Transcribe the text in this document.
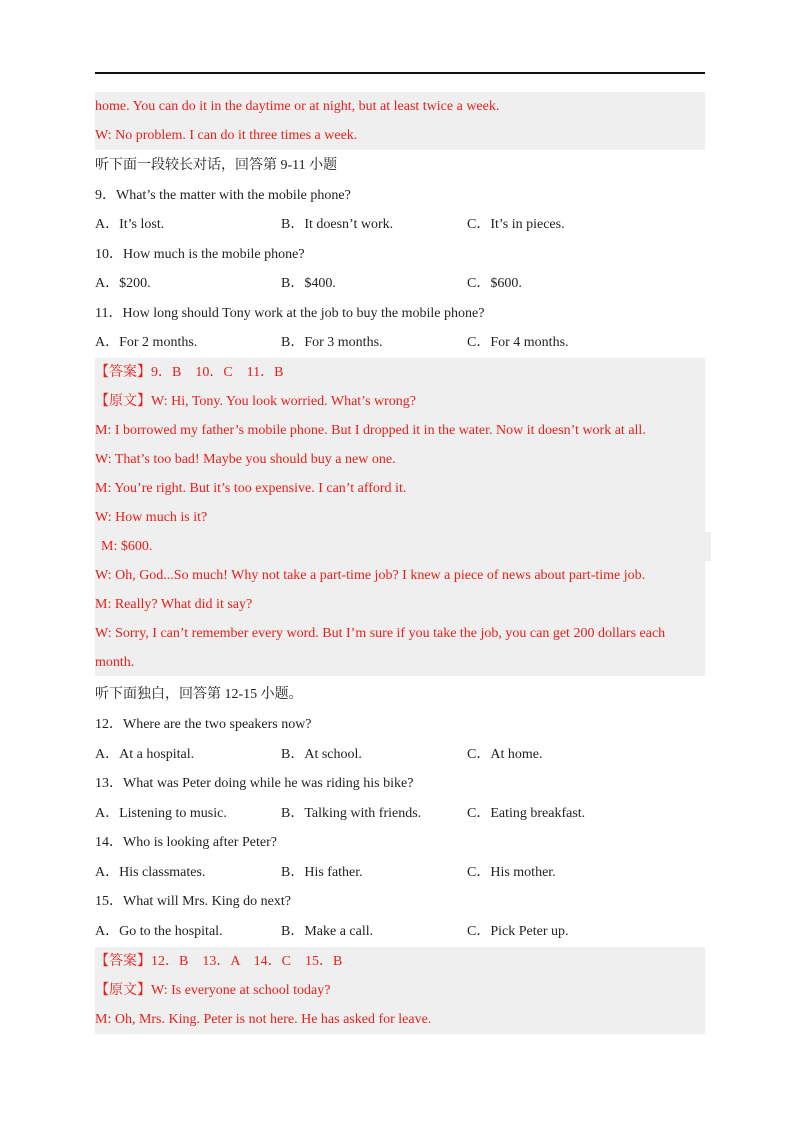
home. You can do it in the daytime or at night, but at least twice a week.
W: No problem. I can do it three times a week.
听下面一段较长对话，回答第 9-11 小题
9．What’s the matter with the mobile phone?
A．It’s lost.	B．It doesn’t work.	C．It’s in pieces.
10．How much is the mobile phone?
A．$200.	B．$400.	C．$600.
11．How long should Tony work at the job to buy the mobile phone?
A．For 2 months.	B．For 3 months.	C．For 4 months.
【答案】9．B　10．C　11．B
【原文】W: Hi, Tony. You look worried. What’s wrong?
M: I borrowed my father’s mobile phone. But I dropped it in the water. Now it doesn’t work at all.
W: That’s too bad! Maybe you should buy a new one.
M: You’re right. But it’s too expensive. I can’t afford it.
W: How much is it?
M: $600.
W: Oh, God...So much! Why not take a part-time job? I knew a piece of news about part-time job.
M: Really? What did it say?
W: Sorry, I can’t remember every word. But I’m sure if you take the job, you can get 200 dollars each month.
听下面独白，回答第 12-15 小题。
12．Where are the two speakers now?
A．At a hospital.	B．At school.	C．At home.
13．What was Peter doing while he was riding his bike?
A．Listening to music.	B．Talking with friends.	C．Eating breakfast.
14．Who is looking after Peter?
A．His classmates.	B．His father.	C．His mother.
15．What will Mrs. King do next?
A．Go to the hospital.	B．Make a call.	C．Pick Peter up.
【答案】12．B　13．A　14．C　15．B
【原文】W: Is everyone at school today?
M: Oh, Mrs. King. Peter is not here. He has asked for leave.
